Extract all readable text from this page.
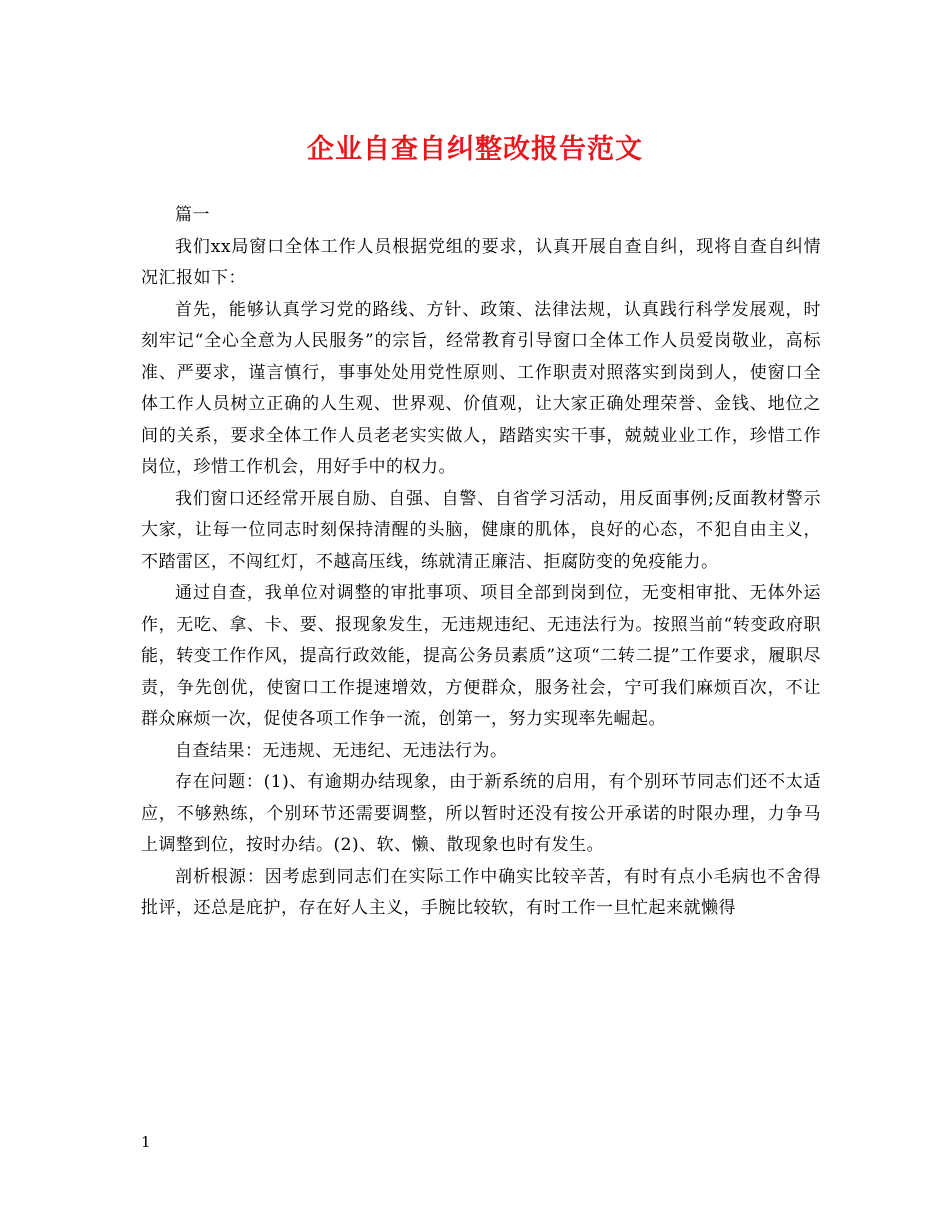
企业自查自纠整改报告范文

篇一

我们xx局窗口全体工作人员根据党组的要求，认真开展自查自纠，现将自查自纠情况汇报如下：

首先，能够认真学习党的路线、方针、政策、法律法规，认真践行科学发展观，时刻牢记“全心全意为人民服务”的宗旨，经常教育引导窗口全体工作人员爱岗敬业，高标准、严要求，谨言慎行，事事处处用党性原则、工作职责对照落实到岗到人，使窗口全体工作人员树立正确的人生观、世界观、价值观，让大家正确处理荣誉、金钱、地位之间的关系，要求全体工作人员老老实实做人，踏踏实实干事，兢兢业业工作，珍惜工作岗位，珍惜工作机会，用好手中的权力。

我们窗口还经常开展自励、自强、自警、自省学习活动，用反面事例;反面教材警示大家，让每一位同志时刻保持清醒的头脑，健康的肌体，良好的心态，不犯自由主义，不踏雷区，不闯红灯，不越高压线，练就清正廉洁、拒腐防变的免疫能力。

通过自查，我单位对调整的审批事项、项目全部到岗到位，无变相审批、无体外运作，无吃、拿、卡、要、报现象发生，无违规违纪、无违法行为。按照当前“转变政府职能，转变工作作风，提高行政效能，提高公务员素质”这项“二转二提”工作要求，履职尽责，争先创优，使窗口工作提速增效，方便群众，服务社会，宁可我们麻烦百次，不让群众麻烦一次，促使各项工作争一流，创第一，努力实现率先崛起。

自查结果：无违规、无违纪、无违法行为。

存在问题：(1)、有逾期办结现象，由于新系统的启用，有个别环节同志们还不太适应，不够熟练，个别环节还需要调整，所以暂时还没有按公开承诺的时限办理，力争马上调整到位，按时办结。(2)、软、懒、散现象也时有发生。

剖析根源：因考虑到同志们在实际工作中确实比较辛苦，有时有点小毛病也不舍得批评，还总是庇护，存在好人主义，手腕比较软，有时工作一旦忙起来就懒得

1
